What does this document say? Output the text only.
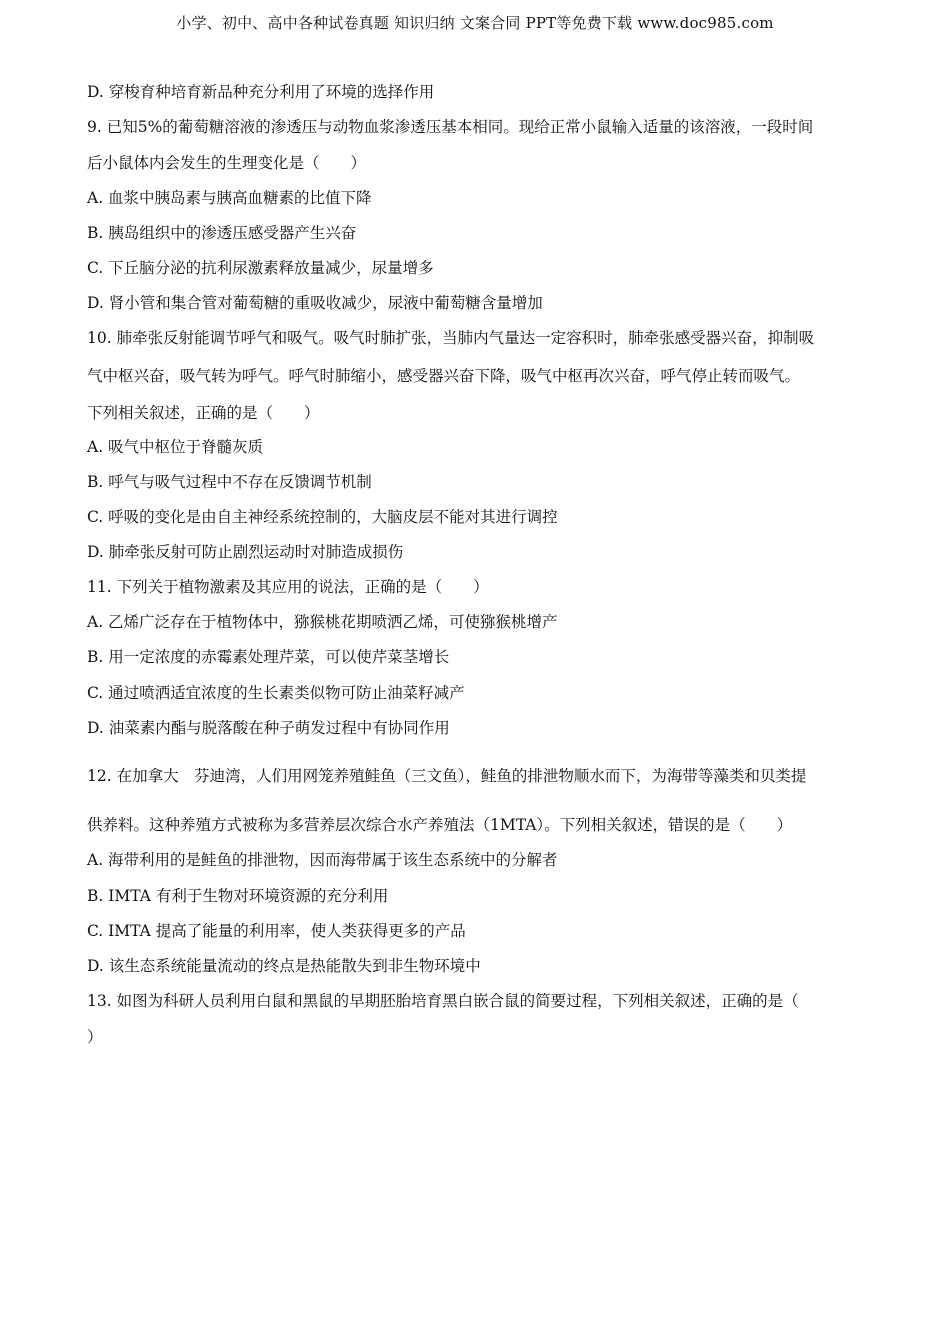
小学、初中、高中各种试卷真题 知识归纳 文案合同 PPT等免费下载 www.doc985.com
D. 穿梭育种培育新品种充分利用了环境的选择作用
9. 已知5%的葡萄糖溶液的渗透压与动物血浆渗透压基本相同。现给正常小鼠输入适量的该溶液，一段时间
后小鼠体内会发生的生理变化是（　　）
A. 血浆中胰岛素与胰高血糖素的比值下降
B. 胰岛组织中的渗透压感受器产生兴奋
C. 下丘脑分泌的抗利尿激素释放量减少，尿量增多
D. 肾小管和集合管对葡萄糖的重吸收减少，尿液中葡萄糖含量增加
10. 肺牵张反射能调节呼气和吸气。吸气时肺扩张，当肺内气量达一定容积时，肺牵张感受器兴奋，抑制吸
气中枢兴奋，吸气转为呼气。呼气时肺缩小，感受器兴奋下降，吸气中枢再次兴奋，呼气停止转而吸气。
下列相关叙述，正确的是（　　）
A. 吸气中枢位于脊髓灰质
B. 呼气与吸气过程中不存在反馈调节机制
C. 呼吸的变化是由自主神经系统控制的，大脑皮层不能对其进行调控
D. 肺牵张反射可防止剧烈运动时对肺造成损伤
11. 下列关于植物激素及其应用的说法，正确的是（　　）
A. 乙烯广泛存在于植物体中，猕猴桃花期喷洒乙烯，可使猕猴桃增产
B. 用一定浓度的赤霉素处理芹菜，可以使芹菜茎增长
C. 通过喷洒适宜浓度的生长素类似物可防止油菜籽减产
D. 油菜素内酯与脱落酸在种子萌发过程中有协同作用
12. 在加拿大　芬迪湾，人们用网笼养殖鲑鱼（三文鱼），鲑鱼的排泄物顺水而下，为海带等藻类和贝类提
供养料。这种养殖方式被称为多营养层次综合水产养殖法（1MTA）。下列相关叙述，错误的是（　　）
A. 海带利用的是鲑鱼的排泄物，因而海带属于该生态系统中的分解者
B. IMTA 有利于生物对环境资源的充分利用
C. IMTA 提高了能量的利用率，使人类获得更多的产品
D. 该生态系统能量流动的终点是热能散失到非生物环境中
13. 如图为科研人员利用白鼠和黑鼠的早期胚胎培育黑白嵌合鼠的简要过程，下列相关叙述，正确的是（
）
